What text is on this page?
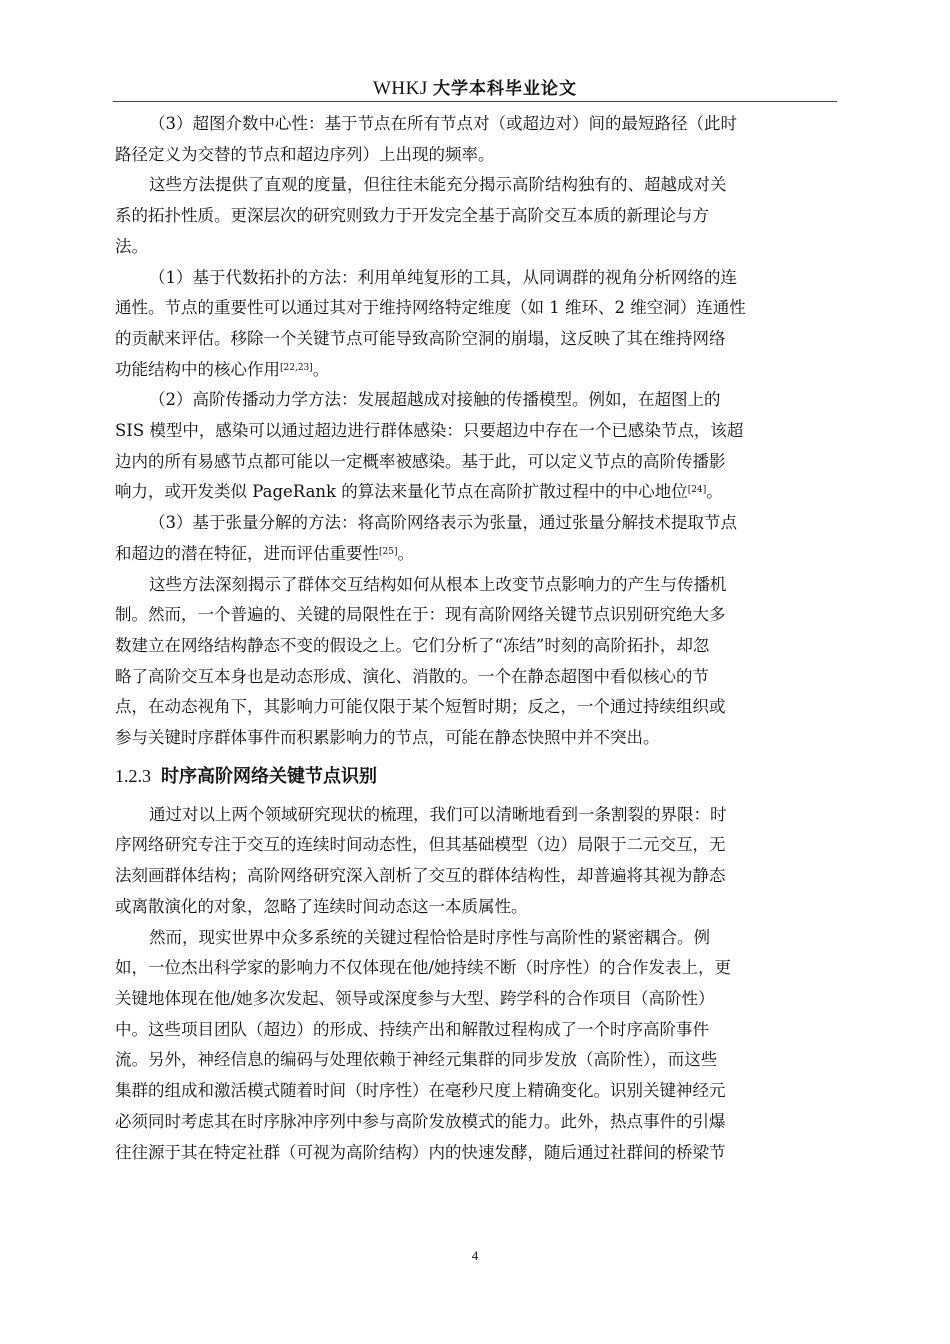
WHKJ 大学本科毕业论文

（3）超图介数中心性：基于节点在所有节点对（或超边对）间的最短路径（此时
路径定义为交替的节点和超边序列）上出现的频率。

这些方法提供了直观的度量，但往往未能充分揭示高阶结构独有的、超越成对关
系的拓扑性质。更深层次的研究则致力于开发完全基于高阶交互本质的新理论与方
法。

（1）基于代数拓扑的方法：利用单纯复形的工具，从同调群的视角分析网络的连
通性。节点的重要性可以通过其对于维持网络特定维度（如 1 维环、2 维空洞）连通性
的贡献来评估。移除一个关键节点可能导致高阶空洞的崩塌，这反映了其在维持网络
功能结构中的核心作用[22,23]。

（2）高阶传播动力学方法：发展超越成对接触的传播模型。例如，在超图上的
SIS 模型中，感染可以通过超边进行群体感染：只要超边中存在一个已感染节点，该超
边内的所有易感节点都可能以一定概率被感染。基于此，可以定义节点的高阶传播影
响力，或开发类似 PageRank 的算法来量化节点在高阶扩散过程中的中心地位[24]。

（3）基于张量分解的方法：将高阶网络表示为张量，通过张量分解技术提取节点
和超边的潜在特征，进而评估重要性[25]。

这些方法深刻揭示了群体交互结构如何从根本上改变节点影响力的产生与传播机
制。然而，一个普遍的、关键的局限性在于：现有高阶网络关键节点识别研究绝大多
数建立在网络结构静态不变的假设之上。它们分析了“冻结”时刻的高阶拓扑，却忽
略了高阶交互本身也是动态形成、演化、消散的。一个在静态超图中看似核心的节
点，在动态视角下，其影响力可能仅限于某个短暂时期；反之，一个通过持续组织或
参与关键时序群体事件而积累影响力的节点，可能在静态快照中并不突出。

1.2.3 时序高阶网络关键节点识别

通过对以上两个领域研究现状的梳理，我们可以清晰地看到一条割裂的界限：时
序网络研究专注于交互的连续时间动态性，但其基础模型（边）局限于二元交互，无
法刻画群体结构；高阶网络研究深入剖析了交互的群体结构性，却普遍将其视为静态
或离散演化的对象，忽略了连续时间动态这一本质属性。

然而，现实世界中众多系统的关键过程恰恰是时序性与高阶性的紧密耦合。例
如，一位杰出科学家的影响力不仅体现在他/她持续不断（时序性）的合作发表上，更
关键地体现在他/她多次发起、领导或深度参与大型、跨学科的合作项目（高阶性）
中。这些项目团队（超边）的形成、持续产出和解散过程构成了一个时序高阶事件
流。另外，神经信息的编码与处理依赖于神经元集群的同步发放（高阶性），而这些
集群的组成和激活模式随着时间（时序性）在毫秒尺度上精确变化。识别关键神经元
必须同时考虑其在时序脉冲序列中参与高阶发放模式的能力。此外，热点事件的引爆
往往源于其在特定社群（可视为高阶结构）内的快速发酵，随后通过社群间的桥梁节

4
